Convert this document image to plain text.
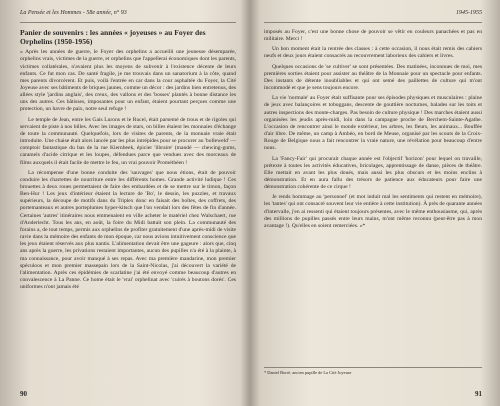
La Pensée et les Hommes - 58e année, n° 93
Panier de souvenirs : les années « joyeuses » au Foyer des Orphelins (1950-1956)

« Après les années de guerre, le Foyer des orphelins a accueilli une jeunesse désemparée, orphelins vrais, victimes de la guerre, et orphelins que l'appellerai économiques dont les parents, victimes collatérales, n'avaient plus les moyens de subvenir à l'existence décente de leurs enfants. Ce fut mon cas. De santé fragile, je me trouvais dans un sanatorium à la côte, quand mes parents divorcèrent. Et puis, voilà l'entrée en car dans la cour asphaltée du Foyer, la Cité Joyeuse avec ses bâtiments de briques jaunes, comme un décor : des jardins bien entretenus, des allées style 'jardins anglais', des creux, des vallons et des 'bosses' plantés à bonne distance les uns des autres. Ces bâtisses, imposantes pour un enfant, étaient pourtant perçues comme une protection, un havre de paix, notre seul refuge !

Le temple de Jean, entre les Gais Lurons et le Rucel, était parsemé de trous et de rigoles qui servaient de piste à nos billes. Avec les images de stars, on billes étaient les monnaies d'échange de toute la communauté. Quelquefois, lors de visites de parents, de la monnaie vraie était introduite. Une chaise était alors lancée par les plus intrépides pour se procurer au 'bolleweld' — comptoir fantastique du bas de la rue Kiernbeek, épicier 'libraire' (mandé — chewing-gums, caramels d'acide citrique et les loupes, défendues parce que vendues avec des morceaux de films auxquels il était facile de mettre le feu, un vrai pouvoir Prométhéen !

La récompense d'une bonne conduite des 'sauvages' que nous étions, était de pouvoir conduire les charrettes de nourriture entre les différents homes. Grande activité ludique ! Ces brouettes à deux roues permettaient de faire des embardées et de se mettre sur le timon, façon Ben-Hur ! Les jeux d'intérieur étaient la lecture de 'Bo', le dessin, les puzzles, et travaux supérieurs, la découpe de motifs dans du Triplex donc en faisait des boîtes, des coffrets, des portemanteaux et autres porteplumes hyper-kitsch que l'on vendait lors des fêtes de fin d'année. Certaines 'autres' itinéraires nous emmenaient en ville acheter le matériel chez Walschaert, rue d'Anderlecht. Tous les ans, en août, la foire du Midi battait son plein. La communauté des forains a, de tout temps, permis aux orphelins de profiter gratuitement d'une après-midi de visite ravie dans la mémoire des enfants de mon époque, car nous avions intuitivement conscience que les jeux étaient réservés aux plus nantis. L'alimentation devait être une gageure : alors que, cinq ans après la guerre, les privations restaient importantes, aucun des pupilles n'a été à la plainte, à ma connaissance, pour avoir manqué à ses repas. Avec ma première mandarine, mon premier spéculoos et mon premier massepain lors de la Saint-Nicolas, j'ai découvert la variété de l'alimentation. Après ces épidémies de scarlatine j'ai été envoyé comme beaucoup d'autres en convalescence à La Panne. Ce home était le 'vrai' orphelinat avec 'cuirés à boutons dorés'. Ces uniformes n'ont jamais été

90
1945-1955

imposés au Foyer, c'est une bonne chose de pouvoir se vêtir en couleurs panachées et pas en militaire. Merci !

Un bon moment était la rentrée des classes : à cette occasion, il nous était remis des cahiers neufs et deux jours étaient consacrés au recouvrement laborieux des cahiers et livres.

Quelques occasions de 'se cultiver' se sont présentées. Des matinées, inconnues de moi, mes premières sorties étaient pour assister au théâtre de la Monnaie pour un spectacle pour enfants. Des instants de détente inoubliables et qui ont semé des paillettes de culture qui m'ont incommodé et que je sens toujours encore.

La vie 'normale' au Foyer était suffisante pour ses épisodes physiques et musculaires : plaine de jeux avec balançoires et toboggans, descente de gouttière nocturnes, balades sur les toits et autres inspections des monte-charges. Pas besoin de culture physique ! Des marches étaient aussi organisées les jeudis après-midi, loin dans la campagne proche de Berchem-Sainte-Agathe. L'occasion de rencontrer ainsi le monde extérieur, les arbres, les fleurs, les animaux... Bouffée d'air libre. De même, un camp à Ambéo, en bord de Meuse, organisé par les scouts de la Croix-Rouge de Belgique nous a fait rencontrer la vraie nature, une révélation pour beaucoup d'entre nous.

La 'Fancy-Fair' qui procurait chaque année est l'objectif 'horizon' pour lequel on travaille, prétexte à toutes les activités éducatives, bricolages, apprentissage de danse, pièces de théâtre. Elle mettait en avant les plus doués, mais aussi les plus obscurs et les moins enclins à démonstration. Et en aura fallu des trésors de patience aux éducateurs pour faire une démonstration cohérente de ce cirque !

Je rends hommage au 'personnel' (et mot induit mal les sentiments qui restent en mémoire), les 'tantes' qui ont consacré souvent leur vie entière à cette institution). À près de quarante années d'intervalle, j'en ai ressenti qui étaient toujours présentes, avec le même enthousiasme, qui, après des millions de pupilles passés entre leurs mains, m'ont même reconnu (peut-être pas à mon avantage !). Qu'elles en soient remerciées. »*

* Daniel Borré, ancien pupille de La Cité Joyeuse
91
